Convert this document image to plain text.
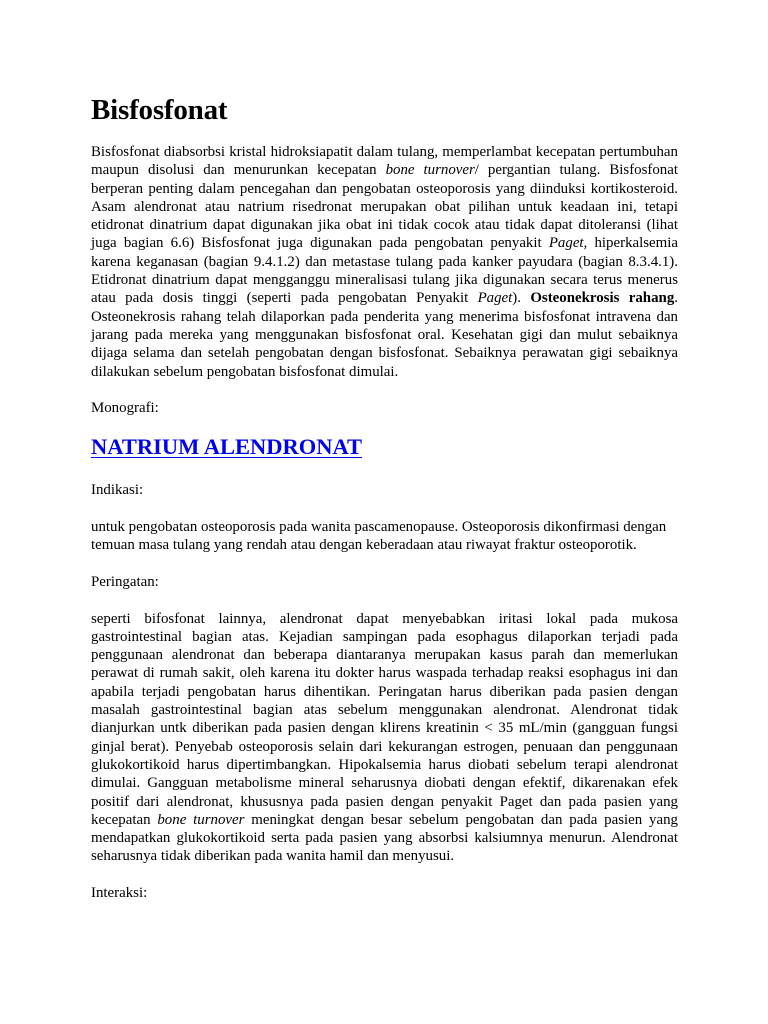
Bisfosfonat

Bisfosfonat diabsorbsi kristal hidroksiapatit dalam tulang, memperlambat kecepatan pertumbuhan maupun disolusi dan menurunkan kecepatan bone turnover/ pergantian tulang. Bisfosfonat berperan penting dalam pencegahan dan pengobatan osteoporosis yang diinduksi kortikosteroid. Asam alendronat atau natrium risedronat merupakan obat pilihan untuk keadaan ini, tetapi etidronat dinatrium dapat digunakan jika obat ini tidak cocok atau tidak dapat ditoleransi (lihat juga bagian 6.6) Bisfosfonat juga digunakan pada pengobatan penyakit Paget, hiperkalsemia karena keganasan (bagian 9.4.1.2) dan metastase tulang pada kanker payudara (bagian 8.3.4.1). Etidronat dinatrium dapat mengganggu mineralisasi tulang jika digunakan secara terus menerus atau pada dosis tinggi (seperti pada pengobatan Penyakit Paget). Osteonekrosis rahang. Osteonekrosis rahang telah dilaporkan pada penderita yang menerima bisfosfonat intravena dan jarang pada mereka yang menggunakan bisfosfonat oral. Kesehatan gigi dan mulut sebaiknya dijaga selama dan setelah pengobatan dengan bisfosfonat. Sebaiknya perawatan gigi sebaiknya dilakukan sebelum pengobatan bisfosfonat dimulai.

Monografi:

NATRIUM ALENDRONAT

Indikasi:

untuk pengobatan osteoporosis pada wanita pascamenopause. Osteoporosis dikonfirmasi dengan temuan masa tulang yang rendah atau dengan keberadaan atau riwayat fraktur osteoporotik.

Peringatan:

seperti bifosfonat lainnya, alendronat dapat menyebabkan iritasi lokal pada mukosa gastrointestinal bagian atas. Kejadian sampingan pada esophagus dilaporkan terjadi pada penggunaan alendronat dan beberapa diantaranya merupakan kasus parah dan memerlukan perawat di rumah sakit, oleh karena itu dokter harus waspada terhadap reaksi esophagus ini dan apabila terjadi pengobatan harus dihentikan. Peringatan harus diberikan pada pasien dengan masalah gastrointestinal bagian atas sebelum menggunakan alendronat. Alendronat tidak dianjurkan untk diberikan pada pasien dengan klirens kreatinin < 35 mL/min (gangguan fungsi ginjal berat). Penyebab osteoporosis selain dari kekurangan estrogen, penuaan dan penggunaan glukokortikoid harus dipertimbangkan. Hipokalsemia harus diobati sebelum terapi alendronat dimulai. Gangguan metabolisme mineral seharusnya diobati dengan efektif, dikarenakan efek positif dari alendronat, khususnya pada pasien dengan penyakit Paget dan pada pasien yang kecepatan bone turnover meningkat dengan besar sebelum pengobatan dan pada pasien yang mendapatkan glukokortikoid serta pada pasien yang absorbsi kalsiumnya menurun. Alendronat seharusnya tidak diberikan pada wanita hamil dan menyusui.

Interaksi:
